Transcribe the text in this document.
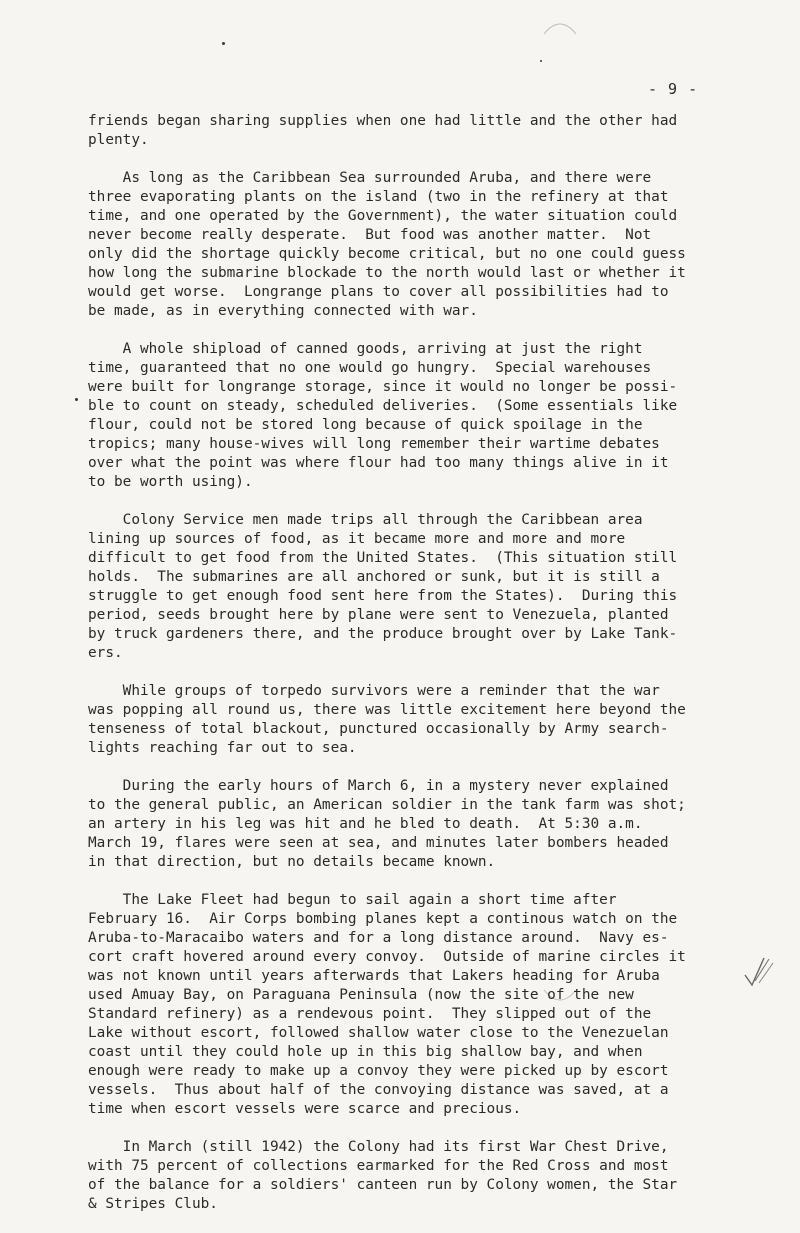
- 9 -

friends began sharing supplies when one had little and the other had
plenty.

As long as the Caribbean Sea surrounded Aruba, and there were
three evaporating plants on the island (two in the refinery at that
time, and one operated by the Government), the water situation could
never become really desperate.  But food was another matter.  Not
only did the shortage quickly become critical, but no one could guess
how long the submarine blockade to the north would last or whether it
would get worse.  Longrange plans to cover all possibilities had to
be made, as in everything connected with war.

A whole shipload of canned goods, arriving at just the right
time, guaranteed that no one would go hungry.  Special warehouses
were built for longrange storage, since it would no longer be possi-
ble to count on steady, scheduled deliveries.  (Some essentials like
flour, could not be stored long because of quick spoilage in the
tropics; many house-wives will long remember their wartime debates
over what the point was where flour had too many things alive in it
to be worth using).

Colony Service men made trips all through the Caribbean area
lining up sources of food, as it became more and more and more
difficult to get food from the United States.  (This situation still
holds.  The submarines are all anchored or sunk, but it is still a
struggle to get enough food sent here from the States).  During this
period, seeds brought here by plane were sent to Venezuela, planted
by truck gardeners there, and the produce brought over by Lake Tank-
ers.

While groups of torpedo survivors were a reminder that the war
was popping all round us, there was little excitement here beyond the
tenseness of total blackout, punctured occasionally by Army search-
lights reaching far out to sea.

During the early hours of March 6, in a mystery never explained
to the general public, an American soldier in the tank farm was shot;
an artery in his leg was hit and he bled to death.  At 5:30 a.m.
March 19, flares were seen at sea, and minutes later bombers headed
in that direction, but no details became known.

The Lake Fleet had begun to sail again a short time after
February 16.  Air Corps bombing planes kept a continous watch on the
Aruba-to-Maracaibo waters and for a long distance around.  Navy es-
cort craft hovered around every convoy.  Outside of marine circles it
was not known until years afterwards that Lakers heading for Aruba
used Amuay Bay, on Paraguana Peninsula (now the site of the new
Standard refinery) as a rendevous point.  They slipped out of the
Lake without escort, followed shallow water close to the Venezuelan
coast until they could hole up in this big shallow bay, and when
enough were ready to make up a convoy they were picked up by escort
vessels.  Thus about half of the convoying distance was saved, at a
time when escort vessels were scarce and precious.

In March (still 1942) the Colony had its first War Chest Drive,
with 75 percent of collections earmarked for the Red Cross and most
of the balance for a soldiers' canteen run by Colony women, the Star
& Stripes Club.
